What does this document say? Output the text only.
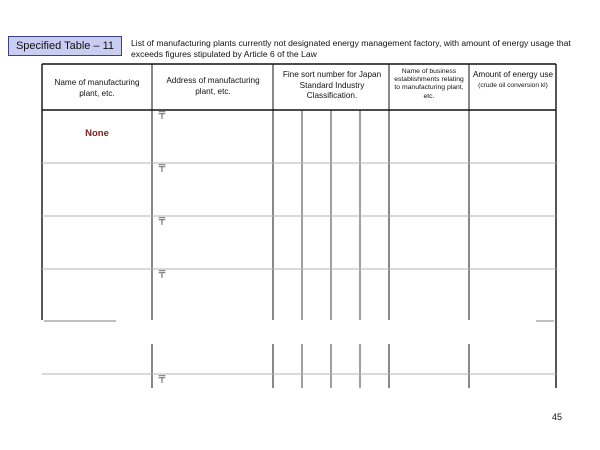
Specified Table – 11	List of manufacturing plants currently not designated energy management factory, with amount of energy usage that exceeds figures stipulated by Article 6 of the Law
Name of manufacturing plant, etc.
Address of manufacturing plant, etc.
Fine sort number for Japan Standard Industry Classification.
Name of business establishments relating to manufacturing plant, etc.
Amount of energy use
(crude oil conversion kl)
None
〒
〒
〒
〒
〒
45
